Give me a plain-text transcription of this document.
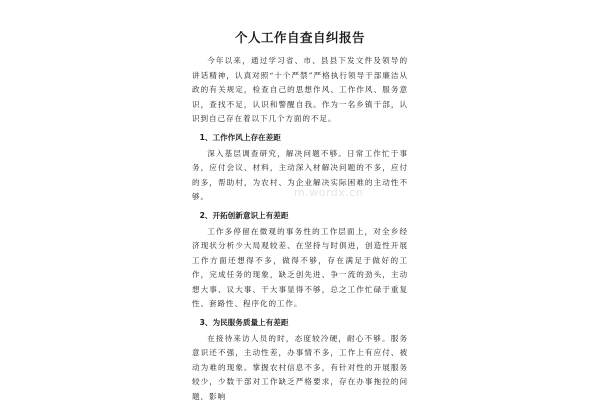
个人工作自查自纠报告

今年以来，通过学习省、市、县县下发文件及领导的讲话精神，认真对照“十个严禁”严格执行领导干部廉洁从政的有关规定，检查自己的思想作风、工作作风、服务意识，查找不足，认识和警醒自我。作为一名乡镇干部，认识到自己存在着以下几个方面的不足。

1、工作作风上存在差距

深入基层调查研究，解决问题不够。日常工作忙于事务，应付会议、材料，主动深入材解决问题的不多，应付的多，帮助村，为农村、为企业解决实际困难的主动性不够。

2、开拓创新意识上有差距

工作多停留在微观的事务性的工作层面上，对全乡经济现状分析少大局观较差、在坚持与时俱进，创造性开展工作方面还想得不多，做得不够，存在满足于做好的工作，完成任务的现象，缺乏创先进、争一流的劲头，主动想大事、议大事、干大事显得不够，总之工作忙碌于重复性、套路性、程序化的工作。

3、为民服务质量上有差距

在接待来访人员的时，态度较冷硬，耐心不够。服务意识还不强，主动性差，办事情不多，工作上有应付、被动为难的现象。掌握农村信息不多，有针对性的开展服务较少，少数干部对工作缺乏严格要求，存在办事拖拉的问题，影响

m.wordx.cn
